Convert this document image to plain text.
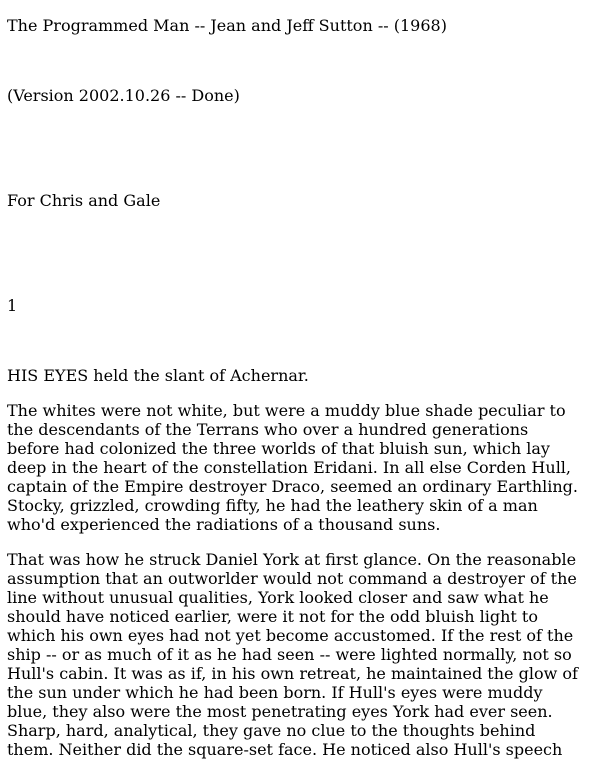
The Programmed Man -- Jean and Jeff Sutton -- (1968)

(Version 2002.10.26 -- Done)

For Chris and Gale

1

HIS EYES held the slant of Achernar.

The whites were not white, but were a muddy blue shade peculiar to
the descendants of the Terrans who over a hundred generations
before had colonized the three worlds of that bluish sun, which lay
deep in the heart of the constellation Eridani. In all else Corden Hull,
captain of the Empire destroyer Draco, seemed an ordinary Earthling.
Stocky, grizzled, crowding fifty, he had the leathery skin of a man
who'd experienced the radiations of a thousand suns.

That was how he struck Daniel York at first glance. On the reasonable
assumption that an outworlder would not command a destroyer of the
line without unusual qualities, York looked closer and saw what he
should have noticed earlier, were it not for the odd bluish light to
which his own eyes had not yet become accustomed. If the rest of the
ship -- or as much of it as he had seen -- were lighted normally, not so
Hull's cabin. It was as if, in his own retreat, he maintained the glow of
the sun under which he had been born. If Hull's eyes were muddy
blue, they also were the most penetrating eyes York had ever seen.
Sharp, hard, analytical, they gave no clue to the thoughts behind
them. Neither did the square-set face. He noticed also Hull's speech
